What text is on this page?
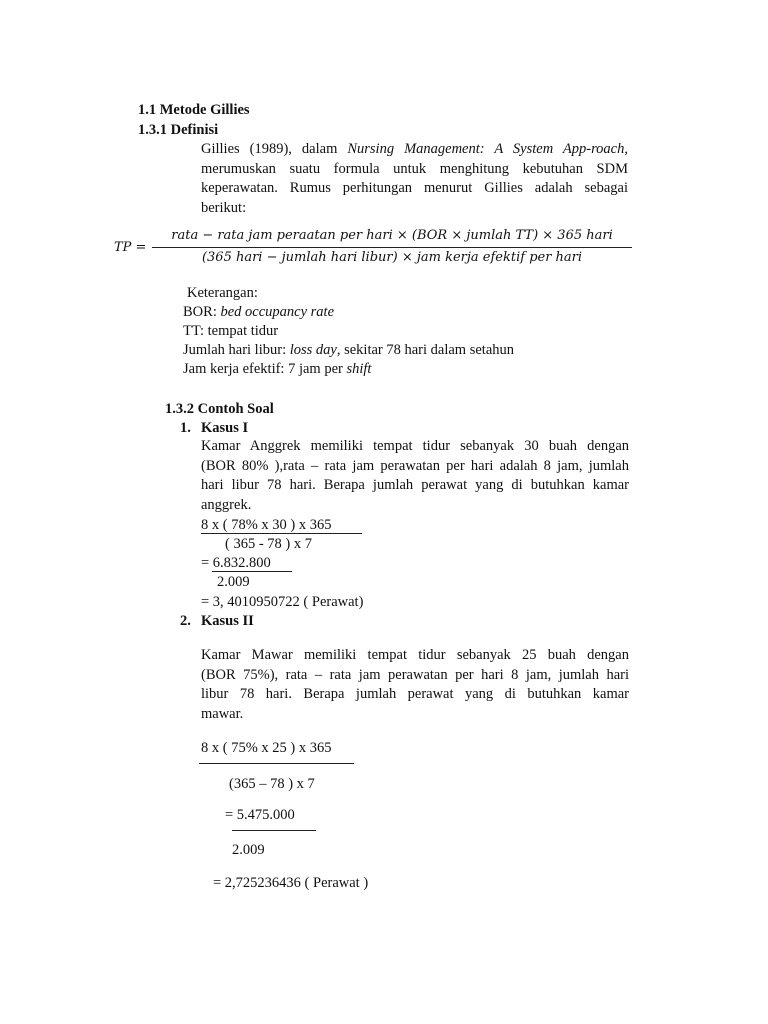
1.1 Metode Gillies
1.3.1 Definisi
Gillies (1989), dalam Nursing Management: A System App-roach,
merumuskan suatu formula untuk menghitung kebutuhan SDM
keperawatan. Rumus perhitungan menurut Gillies adalah sebagai
berikut:
TP =
rata − rata jam peraatan per hari × (BOR × jumlah TT) × 365 hari
(365 hari − jumlah hari libur) × jam kerja efektif per hari
Keterangan:
BOR: bed occupancy rate
TT: tempat tidur
Jumlah hari libur: loss day, sekitar 78 hari dalam setahun
Jam kerja efektif: 7 jam per shift
1.3.2 Contoh Soal
1. Kasus I
Kamar Anggrek memiliki tempat tidur sebanyak 30 buah dengan
(BOR 80% ),rata – rata jam perawatan per hari adalah 8 jam, jumlah
hari libur 78 hari. Berapa jumlah perawat yang di butuhkan kamar
anggrek.
8 x ( 78% x 30 ) x 365
( 365 - 78 ) x 7
= 6.832.800
2.009
= 3, 4010950722 ( Perawat)
2. Kasus II
Kamar Mawar memiliki tempat tidur sebanyak 25 buah dengan
(BOR 75%), rata – rata jam perawatan per hari 8 jam, jumlah hari
libur 78 hari. Berapa jumlah perawat yang di butuhkan kamar
mawar.
8 x ( 75% x 25 ) x 365
(365 – 78 ) x 7
= 5.475.000
2.009
= 2,725236436 ( Perawat )
